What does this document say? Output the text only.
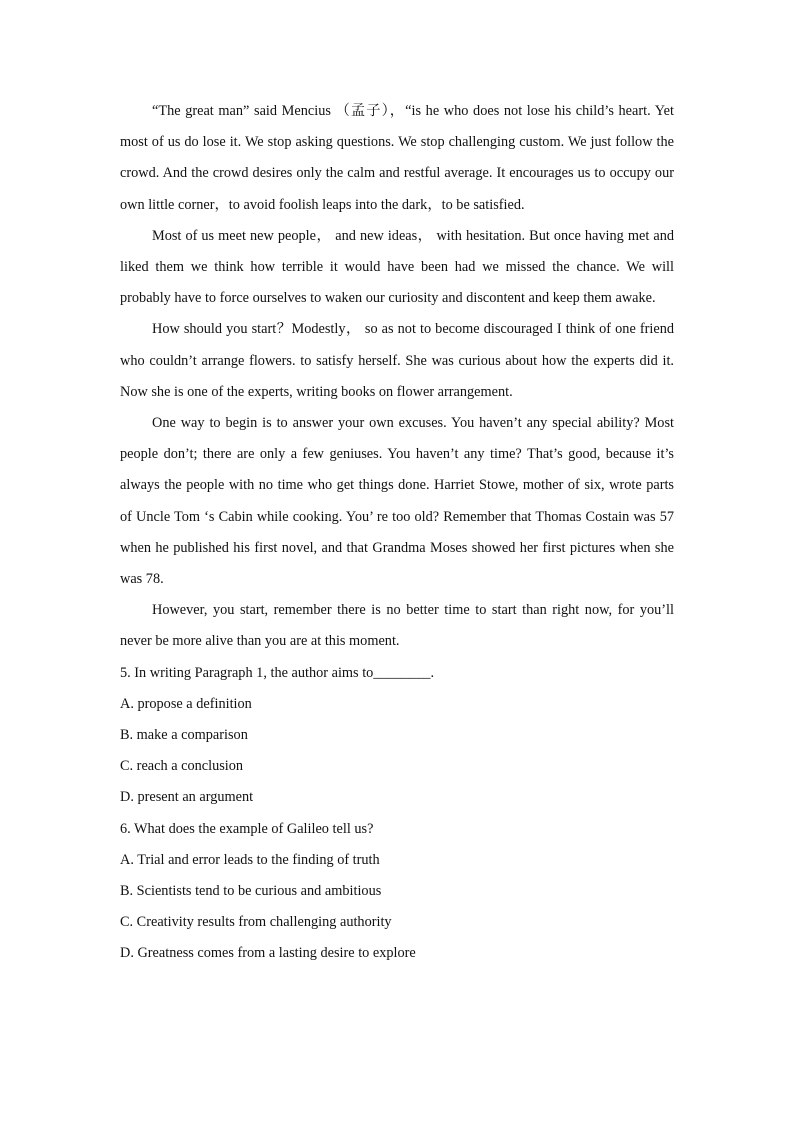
“The great man” said Mencius （孟子），“is he who does not lose his child’s heart. Yet most of us do lose it. We stop asking questions. We stop challenging custom. We just follow the crowd. And the crowd desires only the calm and restful average. It encourages us to occupy our own little corner，to avoid foolish leaps into the dark，to be satisfied.

Most of us meet new people， and new ideas， with hesitation. But once having met and liked them we think how terrible it would have been had we missed the chance. We will probably have to force ourselves to waken our curiosity and discontent and keep them awake.

How should you start？Modestly， so as not to become discouraged I think of one friend who couldn’t arrange flowers. to satisfy herself. She was curious about how the experts did it. Now she is one of the experts, writing books on flower arrangement.

One way to begin is to answer your own excuses. You haven’t any special ability? Most people don’t; there are only a few geniuses. You haven’t any time? That’s good, because it’s always the people with no time who get things done. Harriet Stowe, mother of six, wrote parts of Uncle Tom ‘s Cabin while cooking. You’ re too old? Remember that Thomas Costain was 57 when he published his first novel, and that Grandma Moses showed her first pictures when she was 78.

However, you start, remember there is no better time to start than right now, for you’ll never be more alive than you are at this moment.

5. In writing Paragraph 1, the author aims to________.

A. propose a definition

B. make a comparison

C. reach a conclusion

D. present an argument

6. What does the example of Galileo tell us?

A. Trial and error leads to the finding of truth

B. Scientists tend to be curious and ambitious

C. Creativity results from challenging authority

D. Greatness comes from a lasting desire to explore
